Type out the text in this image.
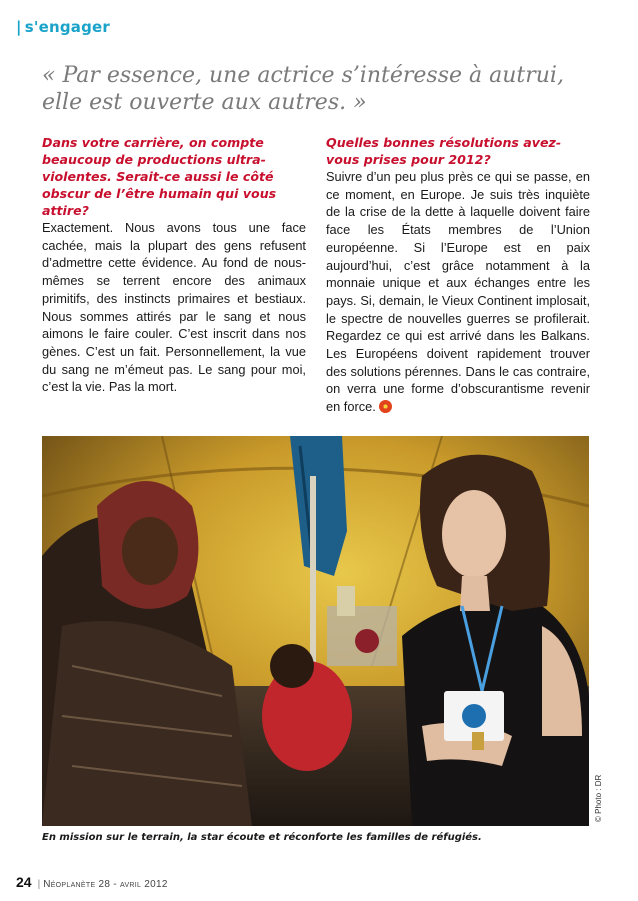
| s'engager

« Par essence, une actrice s’intéresse à autrui, elle est ouverte aux autres. »

Dans votre carrière, on compte beaucoup de productions ultra-violentes. Serait-ce aussi le côté obscur de l’être humain qui vous attire?

Exactement. Nous avons tous une face cachée, mais la plupart des gens refusent d’admettre cette évidence. Au fond de nous-mêmes se terrent encore des animaux primitifs, des instincts primaires et bestiaux. Nous sommes attirés par le sang et nous aimons le faire couler. C’est inscrit dans nos gènes. C’est un fait. Personnellement, la vue du sang ne m’émeut pas. Le sang pour moi, c’est la vie. Pas la mort.

Quelles bonnes résolutions avez-vous prises pour 2012?

Suivre d’un peu plus près ce qui se passe, en ce moment, en Europe. Je suis très inquiète de la crise de la dette à laquelle doivent faire face les États membres de l’Union européenne. Si l’Europe est en paix aujourd’hui, c’est grâce notamment à la monnaie unique et aux échanges entre les pays. Si, demain, le Vieux Continent implosait, le spectre de nouvelles guerres se profilerait. Regardez ce qui est arrivé dans les Balkans. Les Européens doivent rapidement trouver des solutions pérennes. Dans le cas contraire, on verra une forme d’obscurantisme revenir en force.

© Photo : DR

En mission sur le terrain, la star écoute et réconforte les familles de réfugiés.

24 | Néoplanète 28 - avril 2012
